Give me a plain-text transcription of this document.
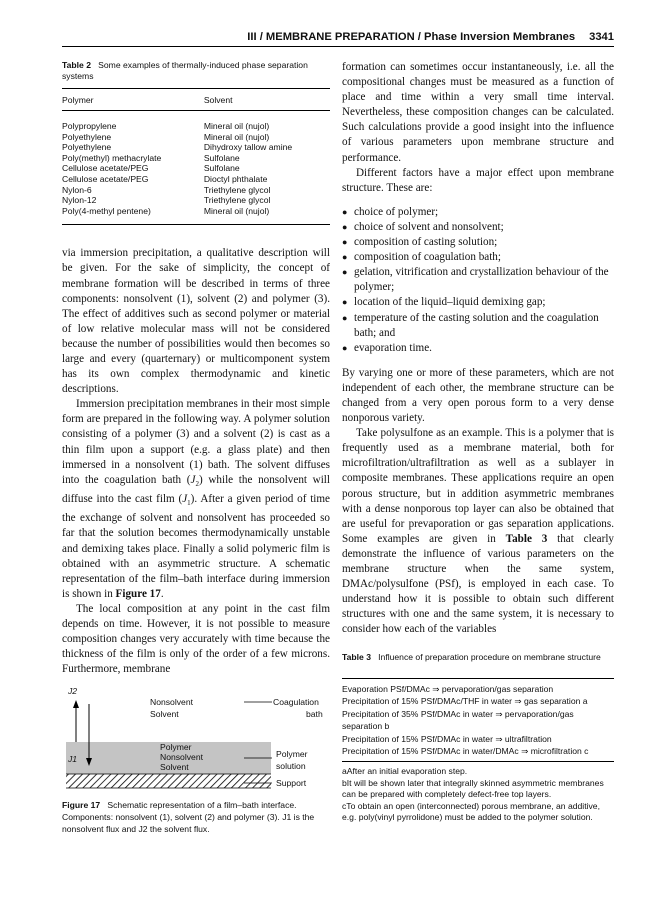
III / MEMBRANE PREPARATION / Phase Inversion Membranes 3341
Table 2 Some examples of thermally-induced phase separation systems
Polymer	Solvent
Polypropylene	Mineral oil (nujol)
Polyethylene	Mineral oil (nujol)
Polyethylene	Dihydroxy tallow amine
Poly(methyl) methacrylate	Sulfolane
Cellulose acetate/PEG	Sulfolane
Cellulose acetate/PEG	Dioctyl phthalate
Nylon-6	Triethylene glycol
Nylon-12	Triethylene glycol
Poly(4-methyl pentene)	Mineral oil (nujol)

via immersion precipitation, a qualitative description will be given. For the sake of simplicity, the concept of membrane formation will be described in terms of three components: nonsolvent (1), solvent (2) and polymer (3). The effect of additives such as second polymer or material of low relative molecular mass will not be considered because the number of possibilities would then becomes so large and every (quarternary) or multicomponent system has its own complex thermodynamic and kinetic descriptions.

Immersion precipitation membranes in their most simple form are prepared in the following way. A polymer solution consisting of a polymer (3) and a solvent (2) is cast as a thin film upon a support (e.g. a glass plate) and then immersed in a nonsolvent (1) bath. The solvent diffuses into the coagulation bath $(J_2)$ while the nonsolvent will diffuse into the cast film $(J_1)$. After a given period of time the exchange of solvent and nonsolvent has proceeded so far that the solution becomes thermodynamically unstable and demixing takes place. Finally a solid polymeric film is obtained with an asymmetric structure. A schematic representation of the film–bath interface during immersion is shown in Figure 17.

The local composition at any point in the cast film depends on time. However, it is not possible to measure composition changes very accurately with time because the thickness of the film is only of the order of a few microns. Furthermore, membrane

J2
J1
Nonsolvent
Solvent
Polymer
Nonsolvent
Solvent
Coagulation
bath
Polymer
solution
Support
Figure 17 Schematic representation of a film–bath interface. Components: nonsolvent (1), solvent (2) and polymer (3). J1 is the nonsolvent flux and J2 the solvent flux.

formation can sometimes occur instantaneously, i.e. all the compositional changes must be measured as a function of place and time within a very small time interval. Nevertheless, these composition changes can be calculated. Such calculations provide a good insight into the influence of various parameters upon membrane structure and performance.

Different factors have a major effect upon membrane structure. These are:

● choice of polymer;
● choice of solvent and nonsolvent;
● composition of casting solution;
● composition of coagulation bath;
● gelation, vitrification and crystallization behaviour of the polymer;
● location of the liquid–liquid demixing gap;
● temperature of the casting solution and the coagulation bath; and
● evaporation time.

By varying one or more of these parameters, which are not independent of each other, the membrane structure can be changed from a very open porous form to a very dense nonporous variety.

Take polysulfone as an example. This is a polymer that is frequently used as a membrane material, both for microfiltration/ultrafiltration as well as a sublayer in composite membranes. These applications require an open porous structure, but in addition asymmetric membranes with a dense nonporous top layer can also be obtained that are useful for prevaporation or gas separation applications. Some examples are given in Table 3 that clearly demonstrate the influence of various parameters on the membrane structure when the same system, DMAc/polysulfone (PSf), is employed in each case. To understand how it is possible to obtain such different structures with one and the same system, it is necessary to consider how each of the variables

Table 3 Influence of preparation procedure on membrane structure
Evaporation PSf/DMAc ⇒ pervaporation/gas separation
Precipitation of 15% PSf/DMAc/THF in water ⇒ gas separation a
Precipitation of 35% PSf/DMAc in water ⇒ pervaporation/gas separation b
Precipitation of 15% PSf/DMAc in water ⇒ ultrafiltration
Precipitation of 15% PSf/DMAc in water/DMAc ⇒ microfiltration c
aAfter an initial evaporation step.
bIt will be shown later that integrally skinned asymmetric membranes can be prepared with completely defect-free top layers.
cTo obtain an open (interconnected) porous membrane, an additive, e.g. poly(vinyl pyrrolidone) must be added to the polymer solution.
